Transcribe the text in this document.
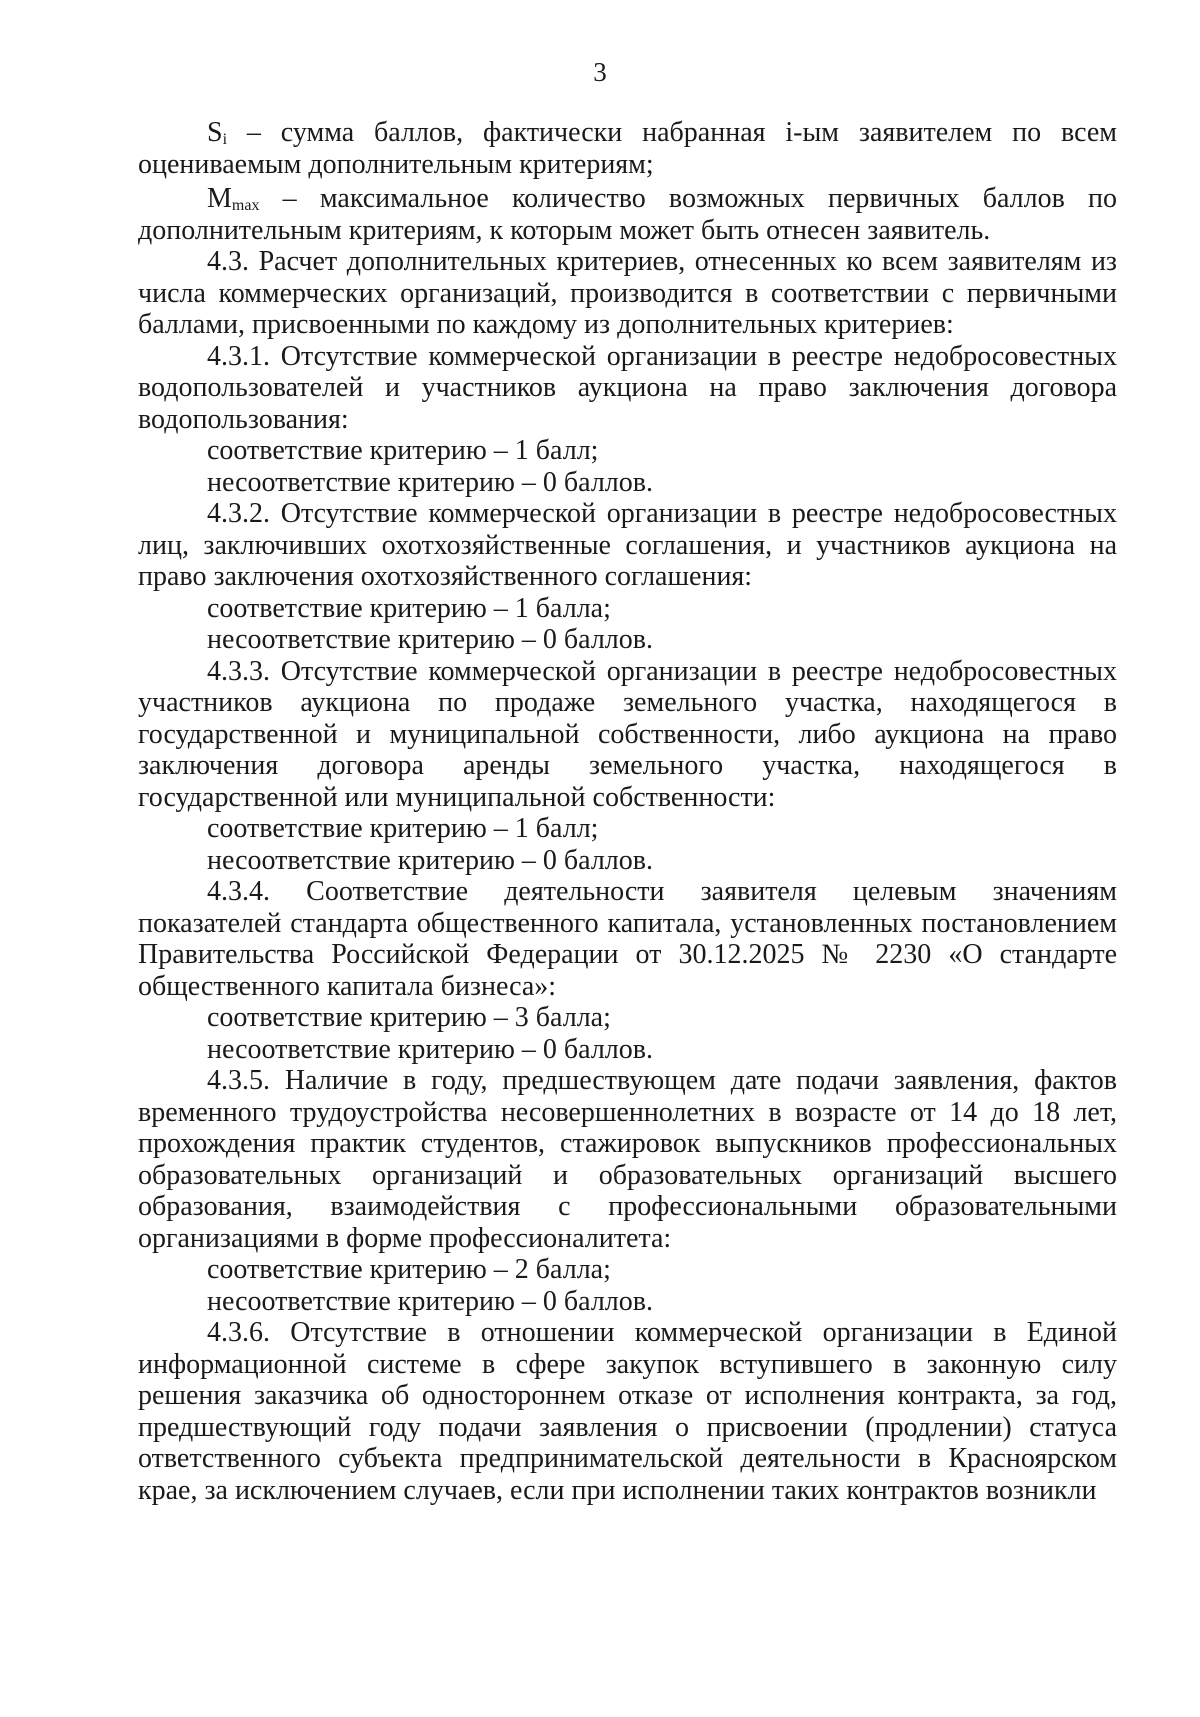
3

$S_i$ – сумма баллов, фактически набранная i-ым заявителем по всем оцениваемым дополнительным критериям;

$M_{max}$ – максимальное количество возможных первичных баллов по дополнительным критериям, к которым может быть отнесен заявитель.

4.3. Расчет дополнительных критериев, отнесенных ко всем заявителям из числа коммерческих организаций, производится в соответствии с первичными баллами, присвоенными по каждому из дополнительных критериев:

4.3.1. Отсутствие коммерческой организации в реестре недобросовестных водопользователей и участников аукциона на право заключения договора водопользования:

соответствие критерию – 1 балл;

несоответствие критерию – 0 баллов.

4.3.2. Отсутствие коммерческой организации в реестре недобросовестных лиц, заключивших охотхозяйственные соглашения, и участников аукциона на право заключения охотхозяйственного соглашения:

соответствие критерию – 1 балла;

несоответствие критерию – 0 баллов.

4.3.3. Отсутствие коммерческой организации в реестре недобросовестных участников аукциона по продаже земельного участка, находящегося в государственной и муниципальной собственности, либо аукциона на право заключения договора аренды земельного участка, находящегося в государственной или муниципальной собственности:

соответствие критерию – 1 балл;

несоответствие критерию – 0 баллов.

4.3.4. Соответствие деятельности заявителя целевым значениям показателей стандарта общественного капитала, установленных постановлением Правительства Российской Федерации от 30.12.2025 № 2230 «О стандарте общественного капитала бизнеса»:

соответствие критерию – 3 балла;

несоответствие критерию – 0 баллов.

4.3.5. Наличие в году, предшествующем дате подачи заявления, фактов временного трудоустройства несовершеннолетних в возрасте от 14 до 18 лет, прохождения практик студентов, стажировок выпускников профессиональных образовательных организаций и образовательных организаций высшего образования, взаимодействия с профессиональными образовательными организациями в форме профессионалитета:

соответствие критерию – 2 балла;

несоответствие критерию – 0 баллов.

4.3.6. Отсутствие в отношении коммерческой организации в Единой информационной системе в сфере закупок вступившего в законную силу решения заказчика об одностороннем отказе от исполнения контракта, за год, предшествующий году подачи заявления о присвоении (продлении) статуса ответственного субъекта предпринимательской деятельности в Красноярском крае, за исключением случаев, если при исполнении таких контрактов возникли
